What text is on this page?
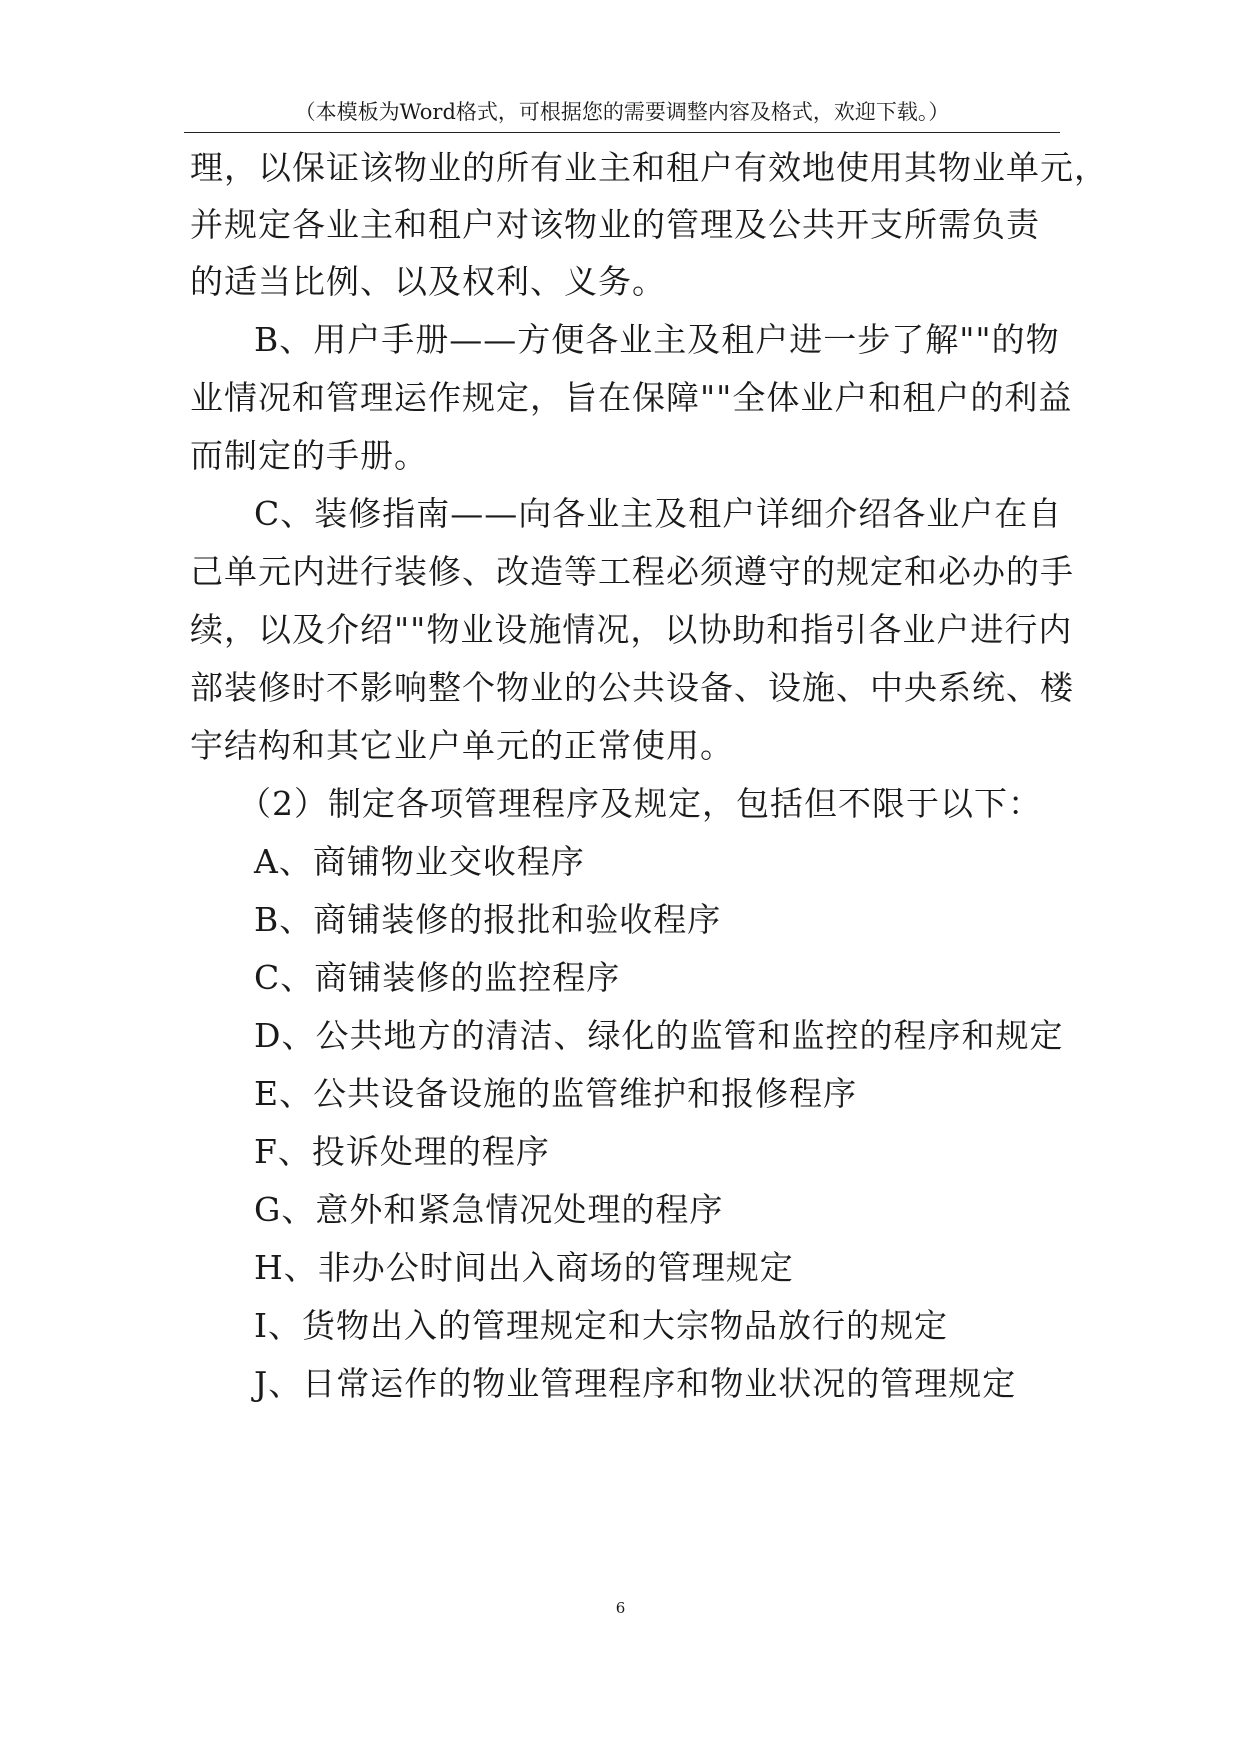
（本模板为Word格式，可根据您的需要调整内容及格式，欢迎下载。）
理，以保证该物业的所有业主和租户有效地使用其物业单元，
并规定各业主和租户对该物业的管理及公共开支所需负责
的适当比例、以及权利、义务。
B、用户手册——方便各业主及租户进一步了解""的物
业情况和管理运作规定，旨在保障""全体业户和租户的利益
而制定的手册。
C、装修指南——向各业主及租户详细介绍各业户在自
己单元内进行装修、改造等工程必须遵守的规定和必办的手
续，以及介绍""物业设施情况，以协助和指引各业户进行内
部装修时不影响整个物业的公共设备、设施、中央系统、楼
宇结构和其它业户单元的正常使用。
（2）制定各项管理程序及规定，包括但不限于以下：
A、商铺物业交收程序
B、商铺装修的报批和验收程序
C、商铺装修的监控程序
D、公共地方的清洁、绿化的监管和监控的程序和规定
E、公共设备设施的监管维护和报修程序
F、投诉处理的程序
G、意外和紧急情况处理的程序
H、非办公时间出入商场的管理规定
I、货物出入的管理规定和大宗物品放行的规定
J、日常运作的物业管理程序和物业状况的管理规定
6
